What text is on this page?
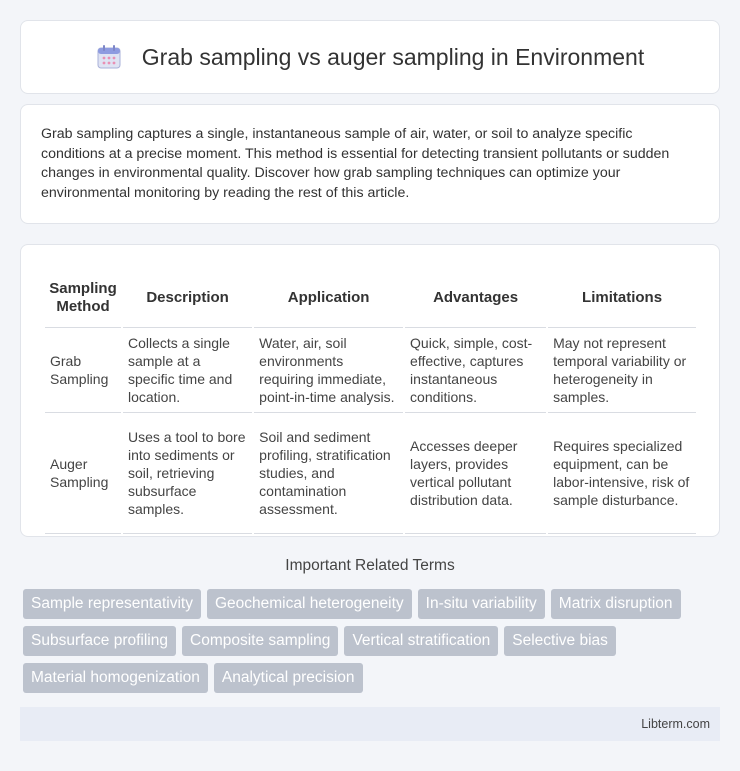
Grab sampling vs auger sampling in Environment

Grab sampling captures a single, instantaneous sample of air, water, or soil to analyze specific conditions at a precise moment. This method is essential for detecting transient pollutants or sudden changes in environmental quality. Discover how grab sampling techniques can optimize your environmental monitoring by reading the rest of this article.

Sampling Method	Description	Application	Advantages	Limitations
Grab Sampling	Collects a single sample at a specific time and location.	Water, air, soil environments requiring immediate, point-in-time analysis.	Quick, simple, cost-effective, captures instantaneous conditions.	May not represent temporal variability or heterogeneity in samples.
Auger Sampling	Uses a tool to bore into sediments or soil, retrieving subsurface samples.	Soil and sediment profiling, stratification studies, and contamination assessment.	Accesses deeper layers, provides vertical pollutant distribution data.	Requires specialized equipment, can be labor-intensive, risk of sample disturbance.
Important Related Terms
Sample representativity	Geochemical heterogeneity	In-situ variability	Matrix disruption
Subsurface profiling	Composite sampling	Vertical stratification	Selective bias
Material homogenization	Analytical precision
Libterm.com
